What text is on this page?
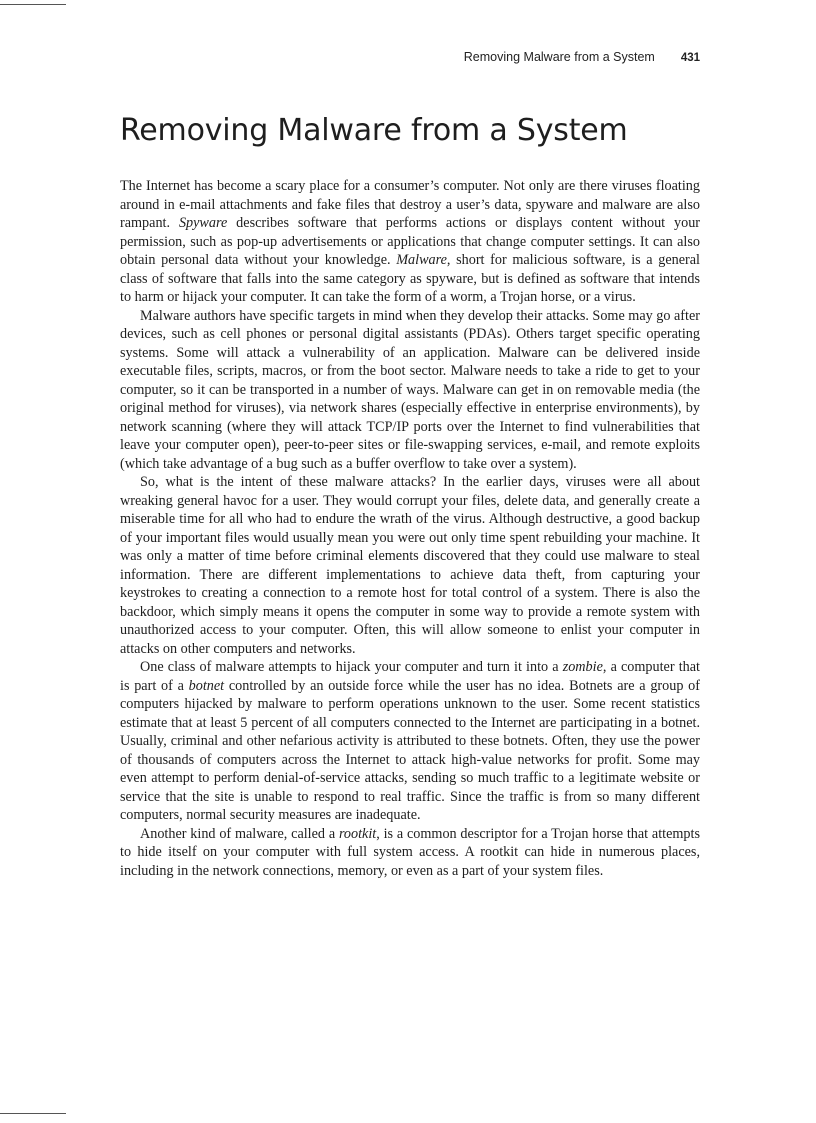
Removing Malware from a System 431
Removing Malware from a System

The Internet has become a scary place for a consumer’s computer. Not only are there viruses floating around in e-mail attachments and fake files that destroy a user’s data, spyware and malware are also rampant. Spyware describes software that performs actions or displays content without your permission, such as pop-up advertisements or applications that change computer settings. It can also obtain personal data without your knowledge. Malware, short for malicious software, is a general class of software that falls into the same category as spyware, but is defined as software that intends to harm or hijack your computer. It can take the form of a worm, a Trojan horse, or a virus.

Malware authors have specific targets in mind when they develop their attacks. Some may go after devices, such as cell phones or personal digital assistants (PDAs). Others target specific operating systems. Some will attack a vulnerability of an application. Malware can be delivered inside executable files, scripts, macros, or from the boot sector. Malware needs to take a ride to get to your computer, so it can be transported in a number of ways. Malware can get in on removable media (the original method for viruses), via network shares (especially effective in enterprise environments), by network scanning (where they will attack TCP/IP ports over the Internet to find vulnerabilities that leave your computer open), peer-to-peer sites or file-swapping services, e-mail, and remote exploits (which take advantage of a bug such as a buffer overflow to take over a system).

So, what is the intent of these malware attacks? In the earlier days, viruses were all about wreaking general havoc for a user. They would corrupt your files, delete data, and generally create a miserable time for all who had to endure the wrath of the virus. Although destructive, a good backup of your important files would usually mean you were out only time spent rebuilding your machine. It was only a matter of time before criminal elements discovered that they could use malware to steal information. There are different implementations to achieve data theft, from capturing your keystrokes to creating a connection to a remote host for total control of a system. There is also the backdoor, which simply means it opens the computer in some way to provide a remote system with unauthorized access to your computer. Often, this will allow someone to enlist your computer in attacks on other computers and networks.

One class of malware attempts to hijack your computer and turn it into a zombie, a computer that is part of a botnet controlled by an outside force while the user has no idea. Botnets are a group of computers hijacked by malware to perform operations unknown to the user. Some recent statistics estimate that at least 5 percent of all computers connected to the Internet are participating in a botnet. Usually, criminal and other nefarious activity is attributed to these botnets. Often, they use the power of thousands of computers across the Internet to attack high-value networks for profit. Some may even attempt to perform denial-of-service attacks, sending so much traffic to a legitimate website or service that the site is unable to respond to real traffic. Since the traffic is from so many different computers, normal security measures are inadequate.

Another kind of malware, called a rootkit, is a common descriptor for a Trojan horse that attempts to hide itself on your computer with full system access. A rootkit can hide in numerous places, including in the network connections, memory, or even as a part of your system files.
